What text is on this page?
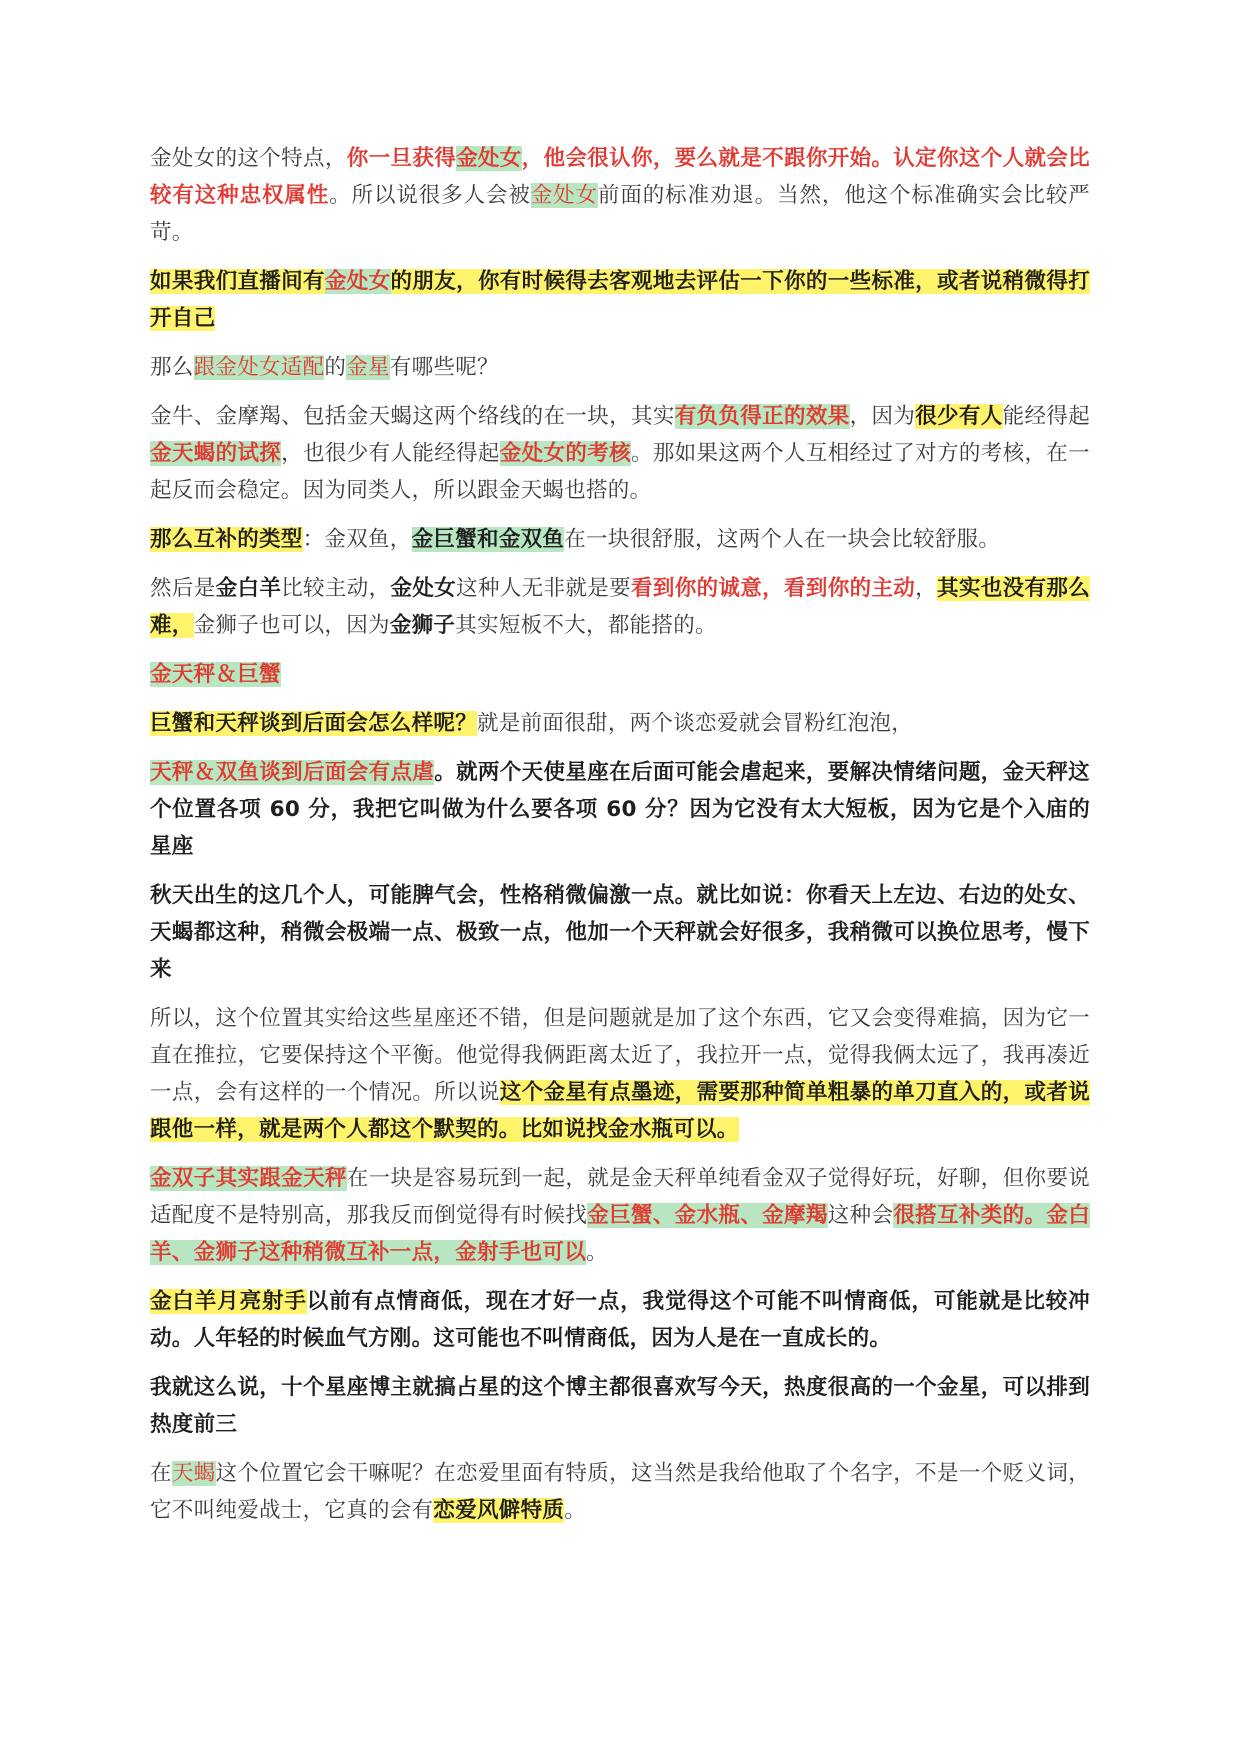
金处女的这个特点，你一旦获得金处女，他会很认你，要么就是不跟你开始。认定你这个人就会比较有这种忠权属性。所以说很多人会被金处女前面的标准劝退。当然，他这个标准确实会比较严苛。

如果我们直播间有金处女的朋友，你有时候得去客观地去评估一下你的一些标准，或者说稍微得打开自己

那么跟金处女适配的金星有哪些呢？

金牛、金摩羯、包括金天蝎这两个络线的在一块，其实有负负得正的效果，因为很少有人能经得起金天蝎的试探，也很少有人能经得起金处女的考核。那如果这两个人互相经过了对方的考核，在一起反而会稳定。因为同类人，所以跟金天蝎也搭的。

那么互补的类型：金双鱼，金巨蟹和金双鱼在一块很舒服，这两个人在一块会比较舒服。

然后是金白羊比较主动，金处女这种人无非就是要看到你的诚意，看到你的主动，其实也没有那么难，金狮子也可以，因为金狮子其实短板不大，都能搭的。

金天秤＆巨蟹

巨蟹和天秤谈到后面会怎么样呢？就是前面很甜，两个谈恋爱就会冒粉红泡泡，

天秤＆双鱼谈到后面会有点虐。就两个天使星座在后面可能会虐起来，要解决情绪问题，金天秤这个位置各项 60 分，我把它叫做为什么要各项 60 分？因为它没有太大短板，因为它是个入庙的星座

秋天出生的这几个人，可能脾气会，性格稍微偏激一点。就比如说：你看天上左边、右边的处女、天蝎都这种，稍微会极端一点、极致一点，他加一个天秤就会好很多，我稍微可以换位思考，慢下来

所以，这个位置其实给这些星座还不错，但是问题就是加了这个东西，它又会变得难搞，因为它一直在推拉，它要保持这个平衡。他觉得我俩距离太近了，我拉开一点，觉得我俩太远了，我再凑近一点，会有这样的一个情况。所以说这个金星有点墨迹，需要那种简单粗暴的单刀直入的，或者说跟他一样，就是两个人都这个默契的。比如说找金水瓶可以。

金双子其实跟金天秤在一块是容易玩到一起，就是金天秤单纯看金双子觉得好玩，好聊，但你要说适配度不是特别高，那我反而倒觉得有时候找金巨蟹、金水瓶、金摩羯这种会很搭互补类的。金白羊、金狮子这种稍微互补一点，金射手也可以。

金白羊月亮射手以前有点情商低，现在才好一点，我觉得这个可能不叫情商低，可能就是比较冲动。人年轻的时候血气方刚。这可能也不叫情商低，因为人是在一直成长的。

我就这么说，十个星座博主就搞占星的这个博主都很喜欢写今天，热度很高的一个金星，可以排到热度前三

在天蝎这个位置它会干嘛呢？在恋爱里面有特质，这当然是我给他取了个名字，不是一个贬义词，它不叫纯爱战士，它真的会有恋爱风僻特质。
